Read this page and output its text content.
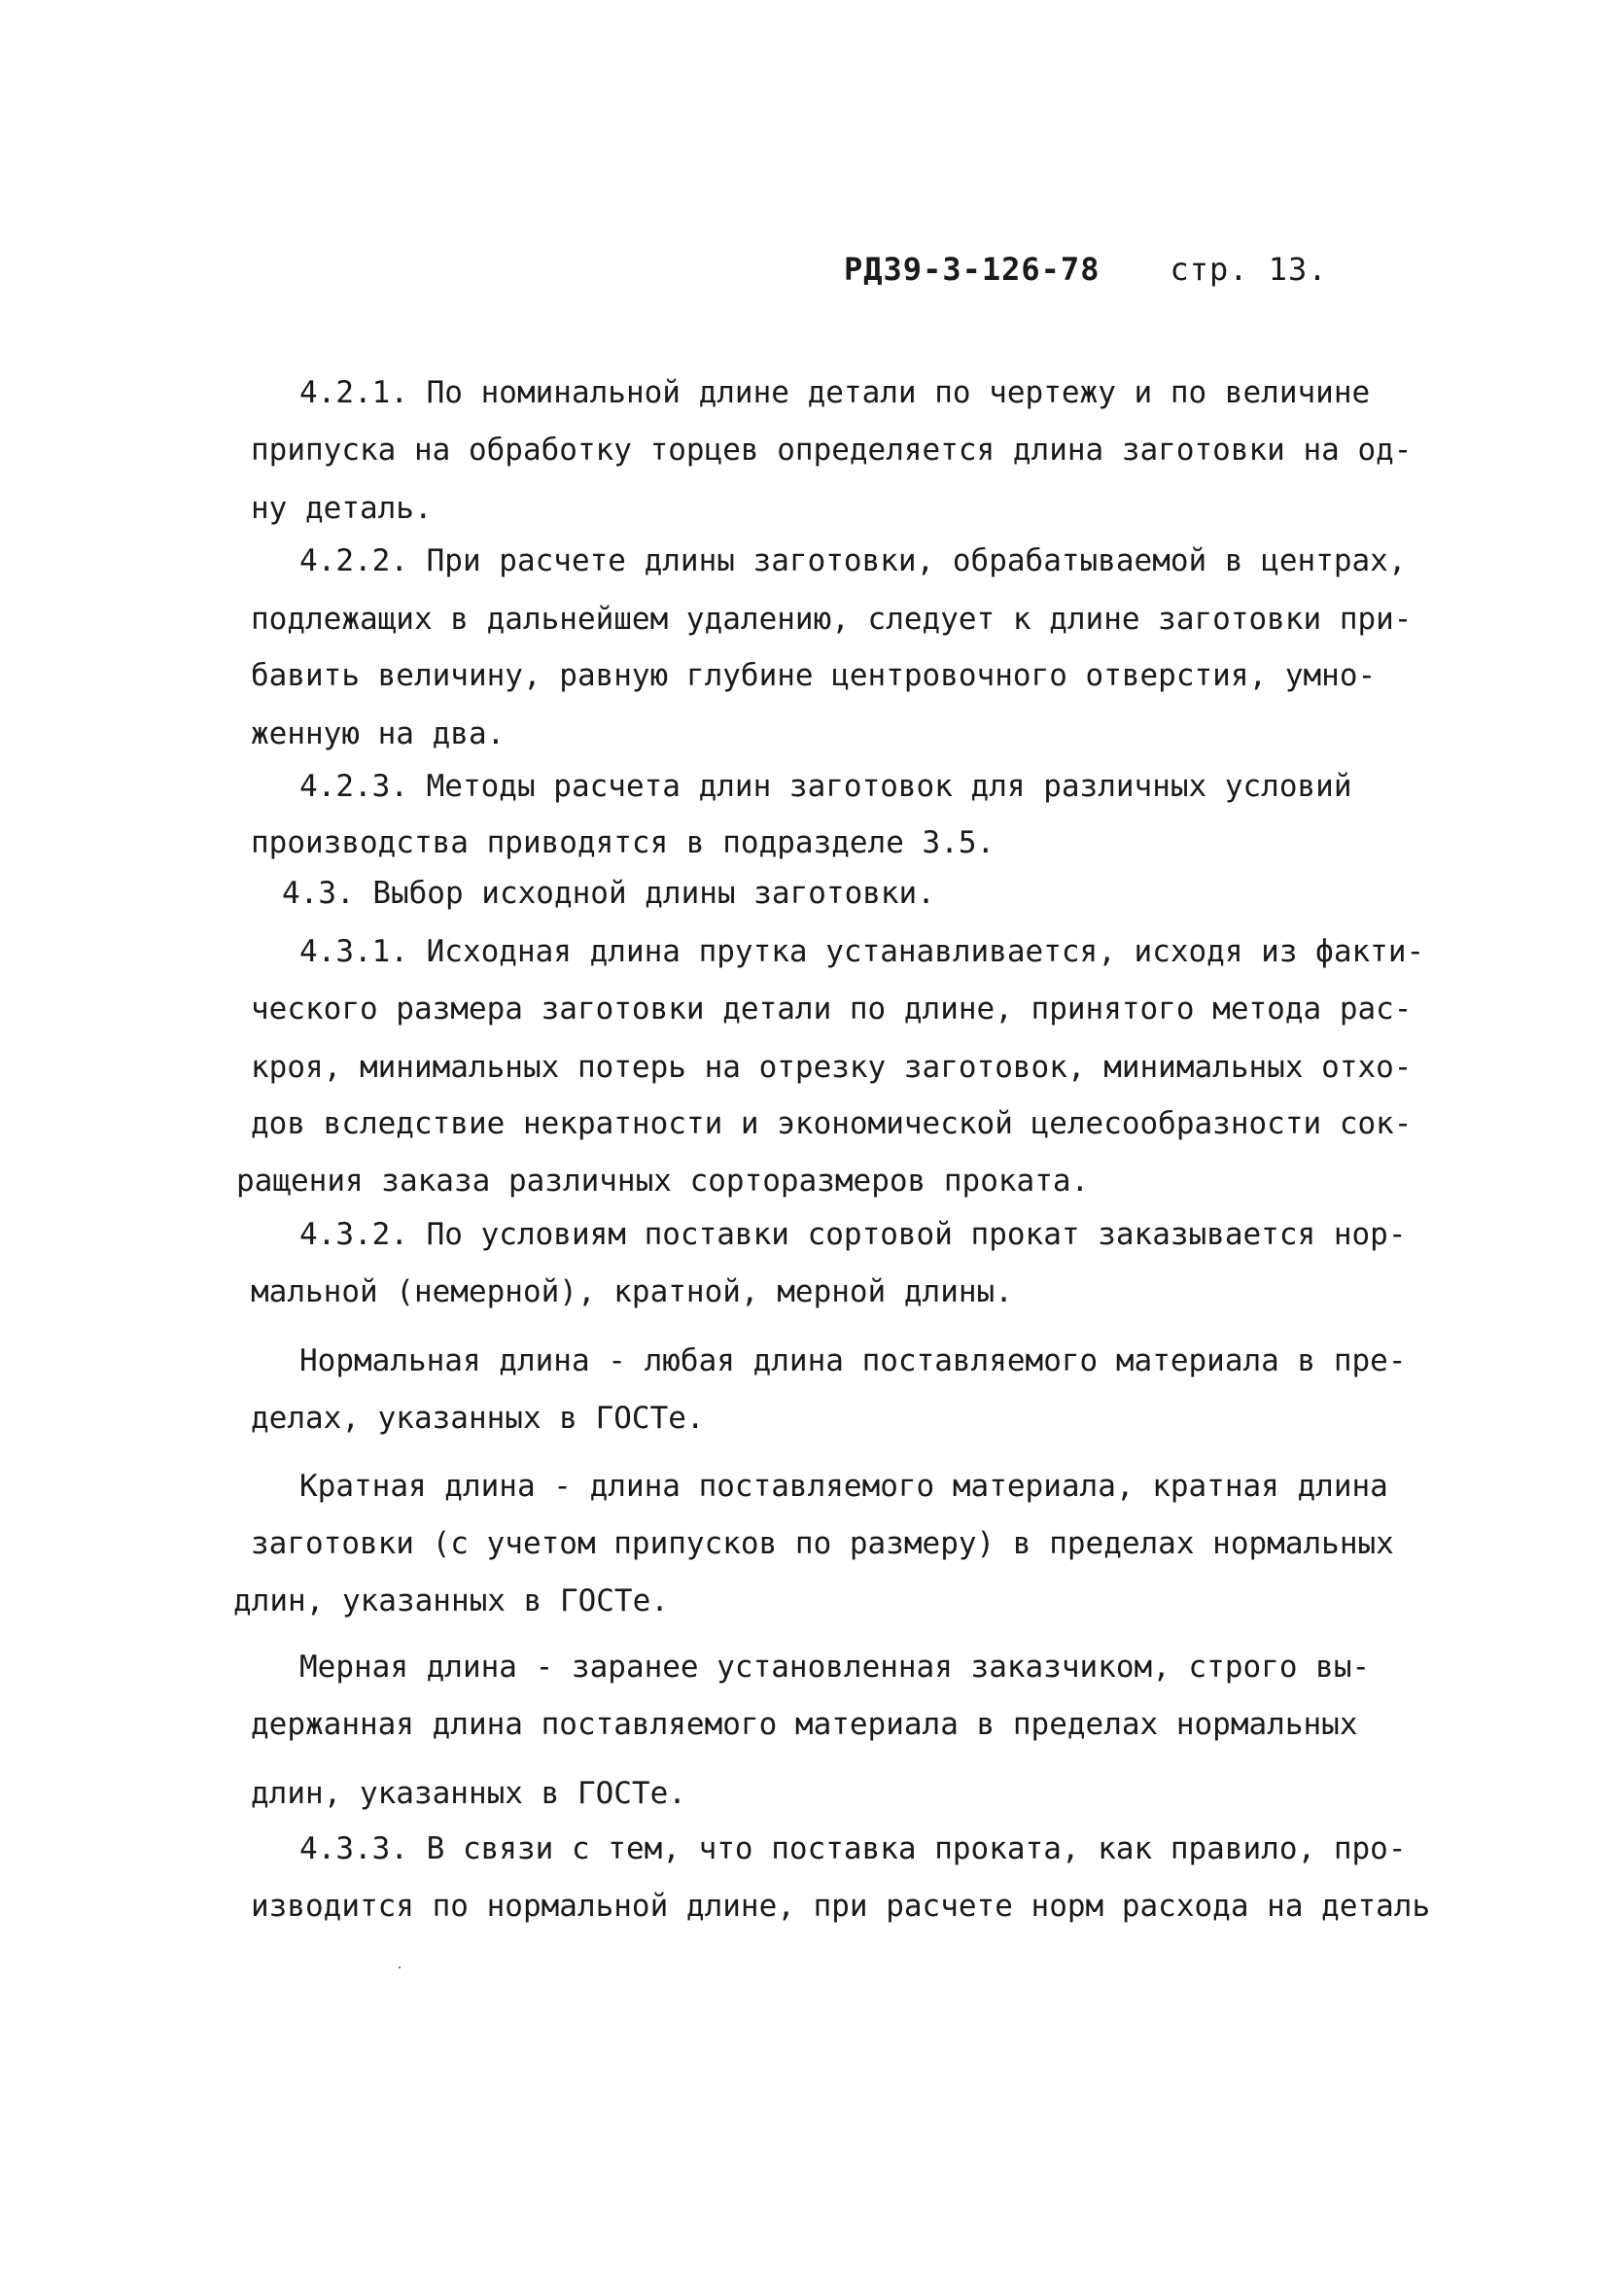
РД39-3-126-78 стр. 13.
4.2.1. По номинальной длине детали по чертежу и по величине
припуска на обработку торцев определяется длина заготовки на од-
ну деталь.
4.2.2. При расчете длины заготовки, обрабатываемой в центрах,
подлежащих в дальнейшем удалению, следует к длине заготовки при-
бавить величину, равную глубине центровочного отверстия, умно-
женную на два.
4.2.3. Методы расчета длин заготовок для различных условий
производства приводятся в подразделе 3.5.
4.3. Выбор исходной длины заготовки.
4.3.1. Исходная длина прутка устанавливается, исходя из факти-
ческого размера заготовки детали по длине, принятого метода рас-
кроя, минимальных потерь на отрезку заготовок, минимальных отхо-
дов вследствие некратности и экономической целесообразности сок-
ращения заказа различных сорторазмеров проката.
4.3.2. По условиям поставки сортовой прокат заказывается нор-
мальной (немерной), кратной, мерной длины.
Нормальная длина - любая длина поставляемого материала в пре-
делах, указанных в ГОСТе.
Кратная длина - длина поставляемого материала, кратная длина
заготовки (с учетом припусков по размеру) в пределах нормальных
длин, указанных в ГОСТе.
Мерная длина - заранее установленная заказчиком, строго вы-
держанная длина поставляемого материала в пределах нормальных
длин, указанных в ГОСТе.
4.3.3. В связи с тем, что поставка проката, как правило, про-
изводится по нормальной длине, при расчете норм расхода на деталь
